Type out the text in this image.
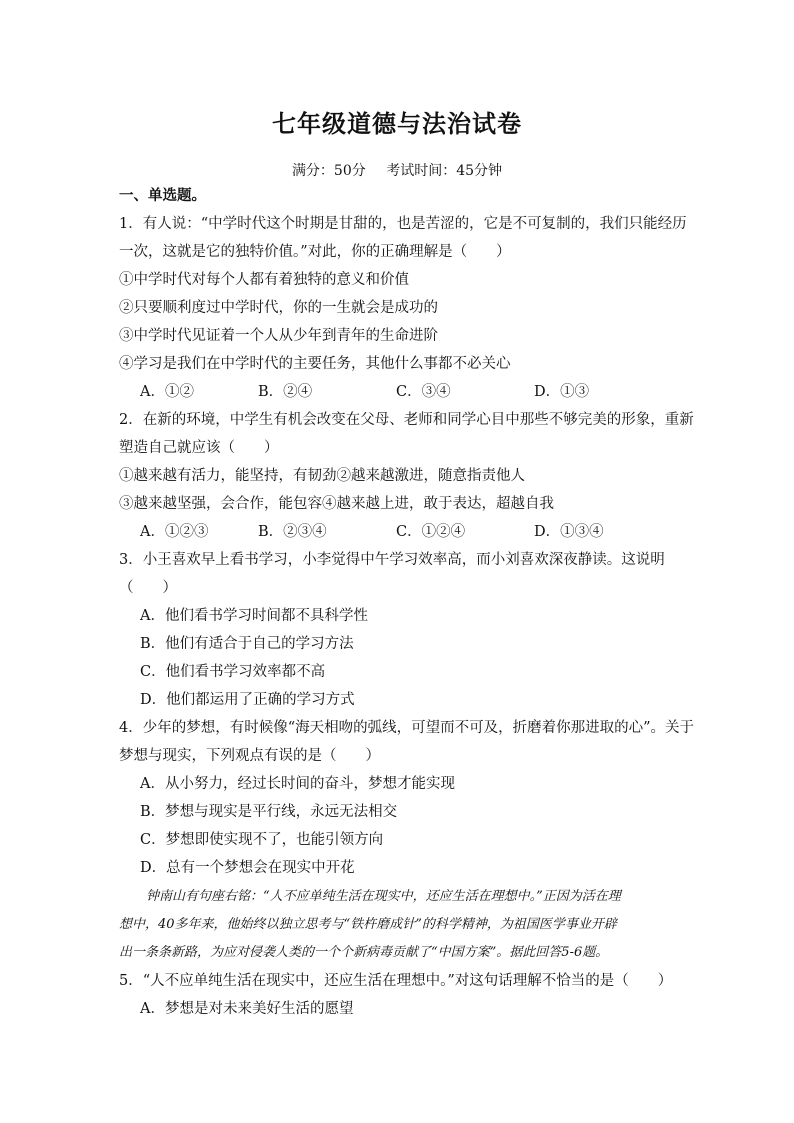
七年级道德与法治试卷
满分：50分 考试时间：45分钟
一、单选题。
1．有人说：“中学时代这个时期是甘甜的，也是苦涩的，它是不可复制的，我们只能经历
一次，这就是它的独特价值。”对此，你的正确理解是（　　）
①中学时代对每个人都有着独特的意义和价值
②只要顺利度过中学时代，你的一生就会是成功的
③中学时代见证着一个人从少年到青年的生命进阶
④学习是我们在中学时代的主要任务，其他什么事都不必关心
A．①②	B．②④	C．③④	D．①③
2．在新的环境，中学生有机会改变在父母、老师和同学心目中那些不够完美的形象，重新
塑造自己就应该（　　）
①越来越有活力，能坚持，有韧劲②越来越激进，随意指责他人
③越来越坚强，会合作，能包容④越来越上进，敢于表达，超越自我
A．①②③	B．②③④	C．①②④	D．①③④
3．小王喜欢早上看书学习，小李觉得中午学习效率高，而小刘喜欢深夜静读。这说明
（　　）
A．他们看书学习时间都不具科学性
B．他们有适合于自己的学习方法
C．他们看书学习效率都不高
D．他们都运用了正确的学习方式
4．少年的梦想，有时候像“海天相吻的弧线，可望而不可及，折磨着你那进取的心”。关于
梦想与现实，下列观点有误的是（　　）
A．从小努力，经过长时间的奋斗，梦想才能实现
B．梦想与现实是平行线，永远无法相交
C．梦想即使实现不了，也能引领方向
D．总有一个梦想会在现实中开花
钟南山有句座右铭：“人不应单纯生活在现实中，还应生活在理想中。”正因为活在理
想中，40多年来，他始终以独立思考与“铁杵磨成针”的科学精神，为祖国医学事业开辟
出一条条新路，为应对侵袭人类的一个个新病毒贡献了“中国方案”。据此回答5-6题。
5．“人不应单纯生活在现实中，还应生活在理想中。”对这句话理解不恰当的是（　　）
A．梦想是对未来美好生活的愿望
